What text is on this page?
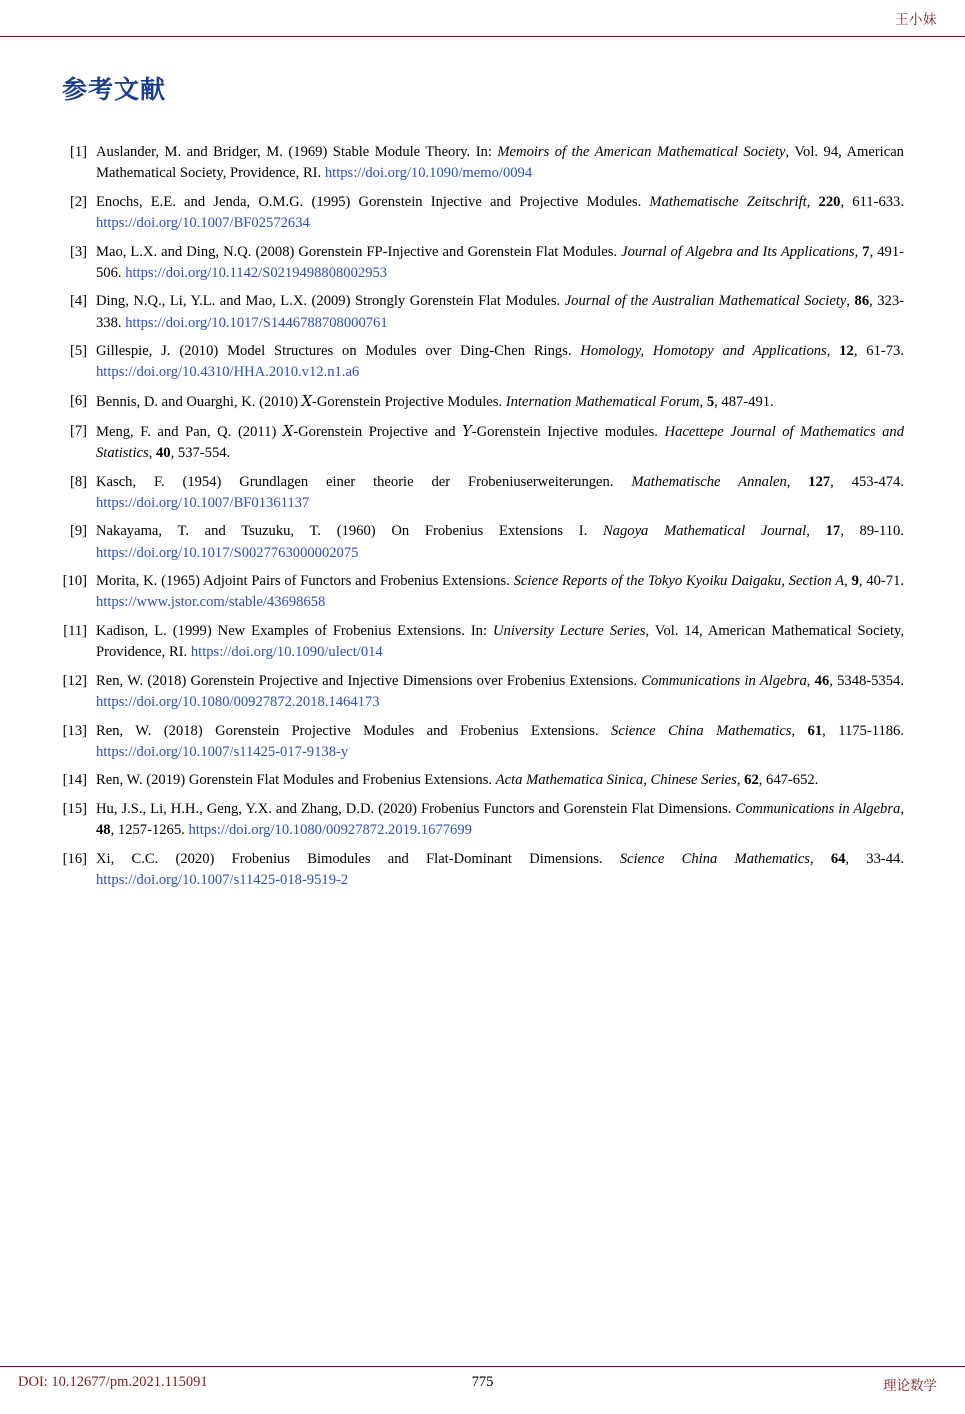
王小妹
参考文献
[1] Auslander, M. and Bridger, M. (1969) Stable Module Theory. In: Memoirs of the American Mathematical Society, Vol. 94, American Mathematical Society, Providence, RI. https://doi.org/10.1090/memo/0094
[2] Enochs, E.E. and Jenda, O.M.G. (1995) Gorenstein Injective and Projective Modules. Mathematische Zeitschrift, 220, 611-633. https://doi.org/10.1007/BF02572634
[3] Mao, L.X. and Ding, N.Q. (2008) Gorenstein FP-Injective and Gorenstein Flat Modules. Journal of Algebra and Its Applications, 7, 491-506. https://doi.org/10.1142/S0219498808002953
[4] Ding, N.Q., Li, Y.L. and Mao, L.X. (2009) Strongly Gorenstein Flat Modules. Journal of the Australian Mathematical Society, 86, 323-338. https://doi.org/10.1017/S1446788708000761
[5] Gillespie, J. (2010) Model Structures on Modules over Ding-Chen Rings. Homology, Homotopy and Applications, 12, 61-73. https://doi.org/10.4310/HHA.2010.v12.n1.a6
[6] Bennis, D. and Ouarghi, K. (2010) X-Gorenstein Projective Modules. Internation Mathematical Forum, 5, 487-491.
[7] Meng, F. and Pan, Q. (2011) X-Gorenstein Projective and Y-Gorenstein Injective modules. Hacettepe Journal of Mathematics and Statistics, 40, 537-554.
[8] Kasch, F. (1954) Grundlagen einer theorie der Frobeniuserweiterungen. Mathematische Annalen, 127, 453-474. https://doi.org/10.1007/BF01361137
[9] Nakayama, T. and Tsuzuku, T. (1960) On Frobenius Extensions I. Nagoya Mathematical Journal, 17, 89-110. https://doi.org/10.1017/S0027763000002075
[10] Morita, K. (1965) Adjoint Pairs of Functors and Frobenius Extensions. Science Reports of the Tokyo Kyoiku Daigaku, Section A, 9, 40-71. https://www.jstor.com/stable/43698658
[11] Kadison, L. (1999) New Examples of Frobenius Extensions. In: University Lecture Series, Vol. 14, American Mathematical Society, Providence, RI. https://doi.org/10.1090/ulect/014
[12] Ren, W. (2018) Gorenstein Projective and Injective Dimensions over Frobenius Extensions. Communications in Algebra, 46, 5348-5354. https://doi.org/10.1080/00927872.2018.1464173
[13] Ren, W. (2018) Gorenstein Projective Modules and Frobenius Extensions. Science China Mathematics, 61, 1175-1186. https://doi.org/10.1007/s11425-017-9138-y
[14] Ren, W. (2019) Gorenstein Flat Modules and Frobenius Extensions. Acta Mathematica Sinica, Chinese Series, 62, 647-652.
[15] Hu, J.S., Li, H.H., Geng, Y.X. and Zhang, D.D. (2020) Frobenius Functors and Gorenstein Flat Dimensions. Communications in Algebra, 48, 1257-1265. https://doi.org/10.1080/00927872.2019.1677699
[16] Xi, C.C. (2020) Frobenius Bimodules and Flat-Dominant Dimensions. Science China Mathematics, 64, 33-44. https://doi.org/10.1007/s11425-018-9519-2
DOI: 10.12677/pm.2021.115091	775	理论数学
